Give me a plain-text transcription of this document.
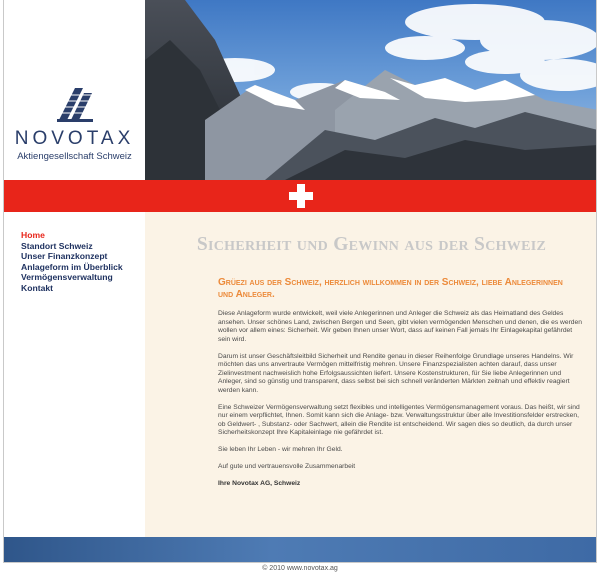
NOVOTAX
Aktiengesellschaft Schweiz
Home
Standort Schweiz
Unser Finanzkonzept
Anlageform im Überblick
Vermögensverwaltung
Kontakt
Sicherheit und Gewinn aus der Schweiz
Grüezi aus der Schweiz, herzlich willkommen in der Schweiz, liebe Anlegerinnen und Anleger.

Diese Anlageform wurde entwickelt, weil viele Anlegerinnen und Anleger die Schweiz als das Heimatland des Geldes ansehen. Unser schönes Land, zwischen Bergen und Seen, gibt vielen vermögenden Menschen und denen, die es werden wollen vor allem eines: Sicherheit. Wir geben Ihnen unser Wort, dass auf keinen Fall jemals Ihr Einlagekapital gefährdet sein wird.

Darum ist unser Geschäftsleitbild Sicherheit und Rendite genau in dieser Reihenfolge Grundlage unseres Handelns. Wir möchten das uns anvertraute Vermögen mittelfristig mehren. Unsere Finanzspezialisten achten darauf, dass unser Zielinvestment nachweislich hohe Erfolgsaussichten liefert. Unsere Kostenstrukturen, für Sie liebe Anlegerinnen und Anleger, sind so günstig und transparent, dass selbst bei sich schnell veränderten Märkten zeitnah und effektiv reagiert werden kann.

Eine Schweizer Vermögensverwaltung setzt flexibles und intelligentes Vermögensmanagement voraus. Das heißt, wir sind nur einem verpflichtet, Ihnen. Somit kann sich die Anlage- bzw. Verwaltungsstruktur über alle Investitionsfelder erstrecken, ob Geldwert- , Substanz- oder Sachwert, allein die Rendite ist entscheidend. Wir sagen dies so deutlich, da durch unser Sicherheitskonzept Ihre Kapitaleinlage nie gefährdet ist.

Sie leben Ihr Leben - wir mehren Ihr Geld.

Auf gute und vertrauensvolle Zusammenarbeit

Ihre Novotax AG, Schweiz

© 2010 www.novotax.ag
